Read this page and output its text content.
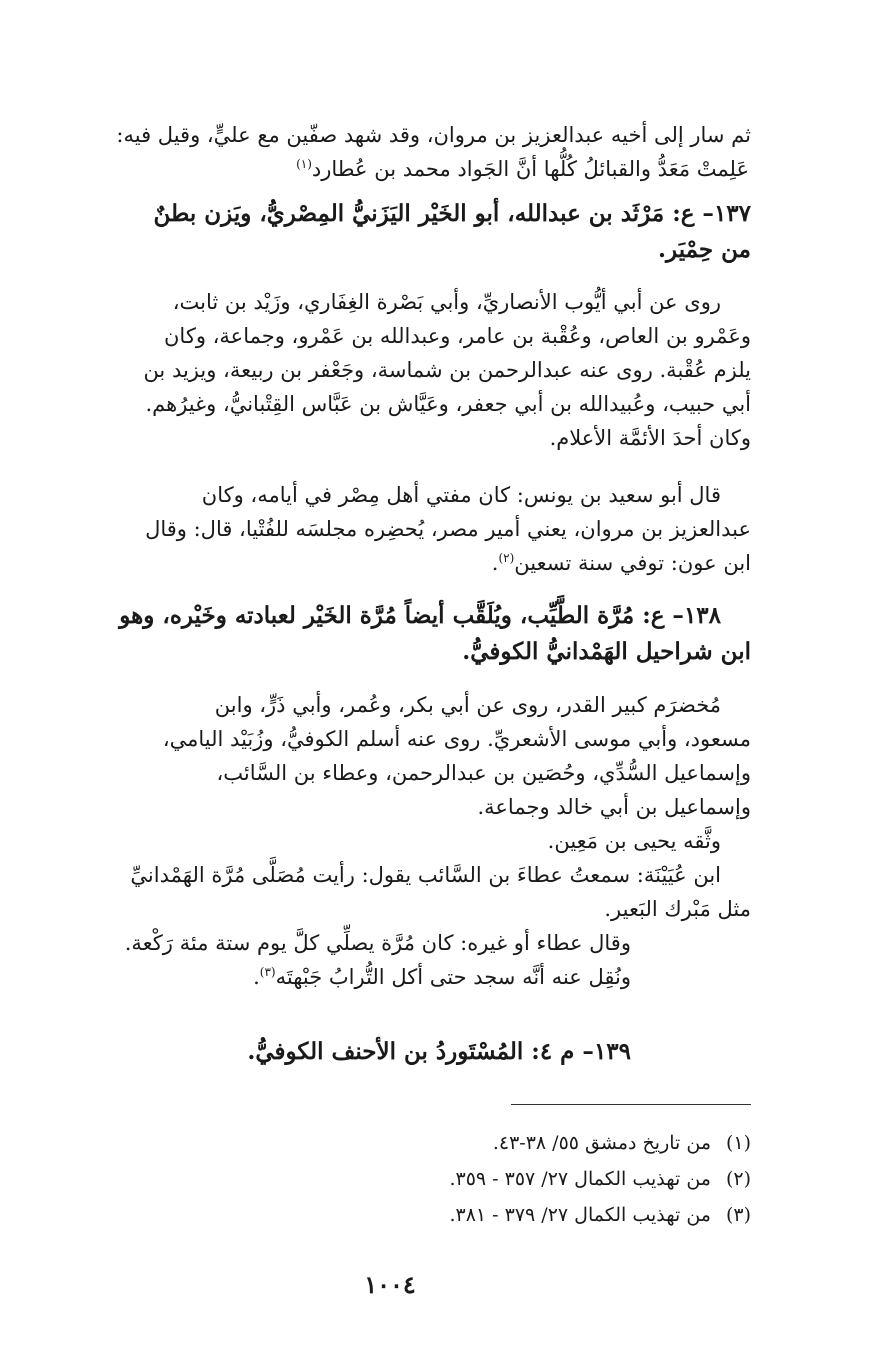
ثم سار إلى أخيه عبدالعزيز بن مروان، وقد شهد صفّين مع عليٍّ، وقيل فيه:
عَلِمتْ مَعَدُّ والقبائلُ كُلُّها أنَّ الجَواد محمد بن عُطارد$^{(١)}$
١٣٧– ع: مَرْثَد بن عبدالله، أبو الخَيْر اليَزَنيُّ المِصْريُّ، ويَزن بطنٌ
من حِمْيَر.
روى عن أبي أيُّوب الأنصاريِّ، وأبي بَصْرة الغِفَاري، وزَيْد بن ثابت،
وعَمْرو بن العاص، وعُقْبة بن عامر، وعبدالله بن عَمْرو، وجماعة، وكان
يلزم عُقْبة. روى عنه عبدالرحمن بن شماسة، وجَعْفر بن ربيعة، ويزيد بن
أبي حبيب، وعُبيدالله بن أبي جعفر، وعَيَّاش بن عَبَّاس القِتْبانيُّ، وغيرُهم.
وكان أحدَ الأئمَّة الأعلام.
قال أبو سعيد بن يونس: كان مفتي أهل مِصْر في أيامه، وكان
عبدالعزيز بن مروان، يعني أمير مصر، يُحضِره مجلسَه للفُتْيا، قال: وقال
ابن عون: توفي سنة تسعين$^{(٢)}$.
١٣٨– ع: مُرَّة الطَّيِّب، ويُلَقَّب أيضاً مُرَّة الخَيْر لعبادته وخَيْره، وهو
ابن شراحيل الهَمْدانيُّ الكوفيُّ.
مُخضرَم كبير القدر، روى عن أبي بكر، وعُمر، وأبي ذَرٍّ، وابن
مسعود، وأبي موسى الأشعريِّ. روى عنه أسلم الكوفيُّ، وزُبَيْد اليامي،
وإسماعيل السُّدِّي، وحُصَين بن عبدالرحمن، وعطاء بن السَّائب،
وإسماعيل بن أبي خالد وجماعة.
وثَّقه يحيى بن مَعِين.
ابن عُيَيْنَة: سمعتُ عطاءَ بن السَّائب يقول: رأيت مُصَلَّى مُرَّة الهَمْدانيِّ
مثل مَبْرك البَعير.
وقال عطاء أو غيره: كان مُرَّة يصلِّي كلَّ يوم ستة مئة رَكْعة.
ونُقِل عنه أنَّه سجد حتى أكل التُّرابُ جَبْهتَه$^{(٣)}$.
١٣٩– م ٤: المُسْتَوردُ بن الأحنف الكوفيُّ.
(١)من تاريخ دمشق ٥٥/ ٣٨-٤٣.
(٢)من تهذيب الكمال ٢٧/ ٣٥٧ - ٣٥٩.
(٣)من تهذيب الكمال ٢٧/ ٣٧٩ - ٣٨١.
١٠٠٤
